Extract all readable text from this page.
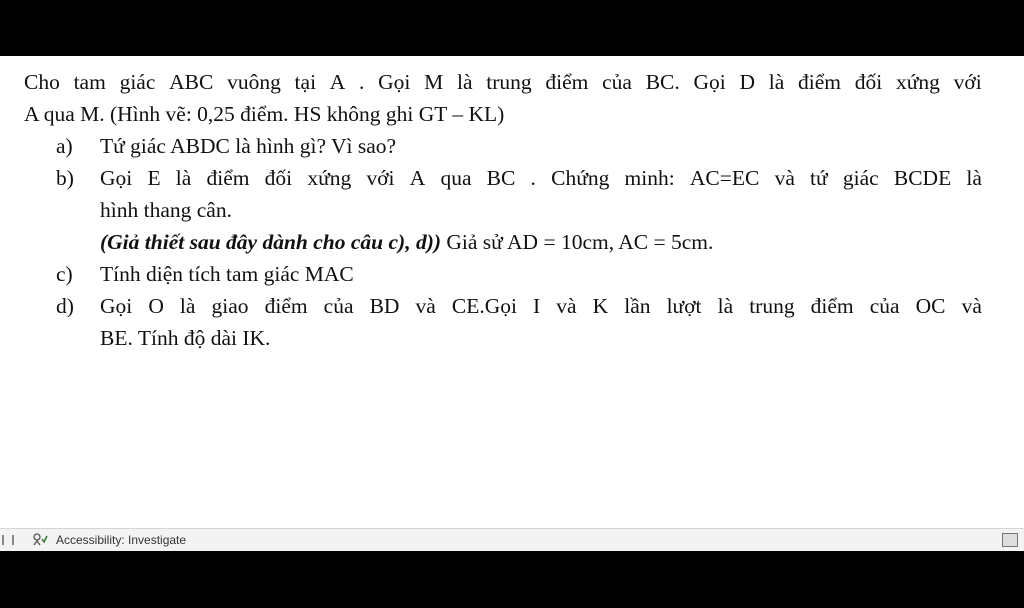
Cho tam giác ABC vuông tại A . Gọi M là trung điểm của BC. Gọi D là điểm đối xứng với
A qua M. (Hình vẽ: 0,25 điểm. HS không ghi GT – KL)
a) Tứ giác ABDC là hình gì? Vì sao?
b) Gọi E là điểm đối xứng với A qua BC . Chứng minh: AC=EC và tứ giác BCDE là
hình thang cân.
(Giả thiết sau đây dành cho câu c), d)) Giả sử AD = 10cm, AC = 5cm.
c) Tính diện tích tam giác MAC
d) Gọi O là giao điểm của BD và CE.Gọi I và K lần lượt là trung điểm của OC và
BE. Tính độ dài IK.
Accessibility: Investigate
